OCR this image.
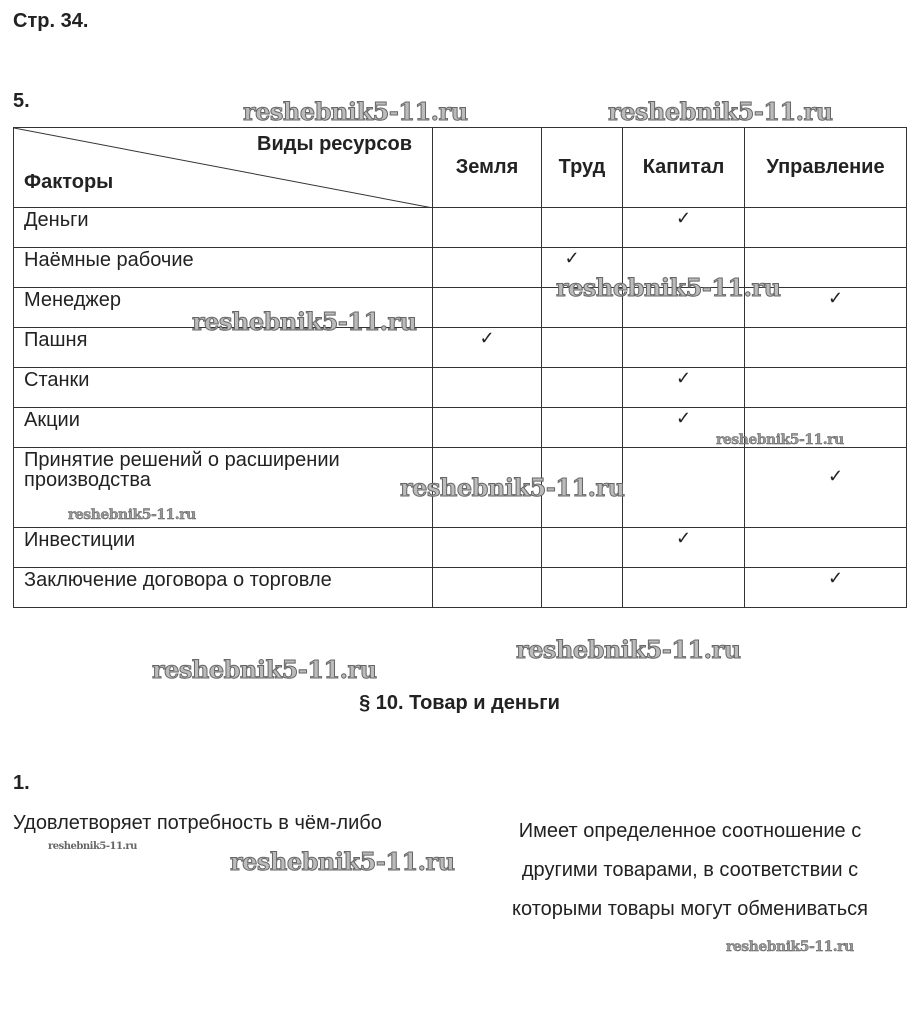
Стр. 34.
5.
Виды ресурсов
Факторы	Земля	Труд	Капитал	Управление
Деньги			✓	
Наёмные рабочие		✓		
Менеджер				✓
Пашня	✓			
Станки			✓	
Акции			✓	
Принятие решений о расширении производства				✓
Инвестиции			✓	
Заключение договора о торговле				✓
§ 10. Товар и деньги
1.
Удовлетворяет потребность в чём-либо	Имеет определенное соотношение с
другими товарами, в соответствии с
которыми товары могут обмениваться
reshebnik5-11.ru	reshebnik5-11.ru
reshebnik5-11.ru
reshebnik5-11.ru
reshebnik5-11.ru
reshebnik5-11.ru
reshebnik5-11.ru
reshebnik5-11.ru
reshebnik5-11.ru
reshebnik5-11.ru
reshebnik5-11.ru
reshebnik5-11.ru
